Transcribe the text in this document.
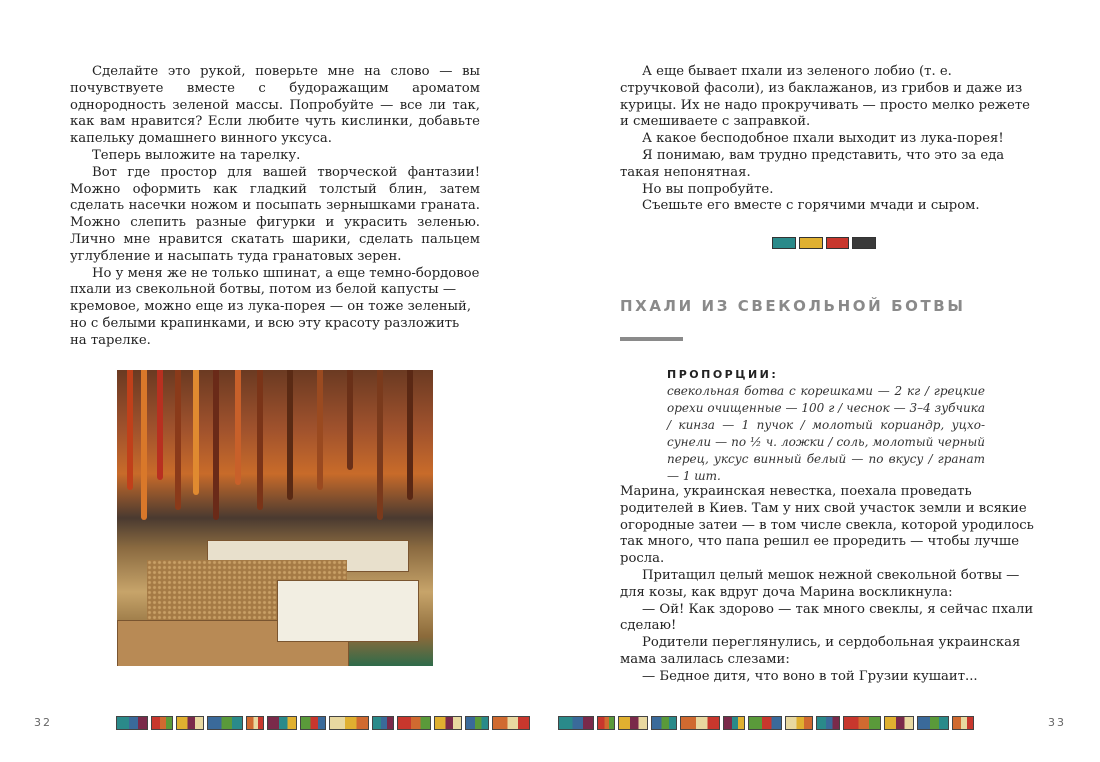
Сделайте это рукой, поверьте мне на слово — вы почувствуете вместе с будоражащим ароматом однородность зеленой массы. Попробуйте — все ли так, как вам нравится? Если любите чуть кислинки, добавьте капельку домашнего винного уксуса.

Теперь выложите на тарелку.

Вот где простор для вашей творческой фантазии! Можно оформить как гладкий толстый блин, затем сделать насечки ножом и посыпать зернышками граната. Можно слепить разные фигурки и украсить зеленью. Лично мне нравится скатать шарики, сделать пальцем углубление и насыпать туда гранатовых зерен.

Но у меня же не только шпинат, а еще темно-бордовое пхали из свекольной ботвы, потом из белой капусты — кремовое, можно еще из лука-порея — он тоже зеленый, но с белыми крапинками, и всю эту красоту разложить на тарелке.

А еще бывает пхали из зеленого лобио (т. е. стручковой фасоли), из баклажанов, из грибов и даже из курицы. Их не надо прокручивать — просто мелко режете и смешиваете с заправкой.

А какое бесподобное пхали выходит из лука-порея!

Я понимаю, вам трудно представить, что это за еда такая непонятная.

Но вы попробуйте.

Съешьте его вместе с горячими мчади и сыром.

ПХАЛИ ИЗ СВЕКОЛЬНОЙ БОТВЫ
ПРОПОРЦИИ:
свекольная ботва с корешками — 2 кг / грецкие орехи очищенные — 100 г / чеснок — 3–4 зубчика / кинза — 1 пучок / молотый кориандр, уцхо-сунели — по ½ ч. ложки / соль, молотый черный перец, уксус винный белый — по вкусу / гранат — 1 шт.

Марина, украинская невестка, поехала проведать родителей в Киев. Там у них свой участок земли и всякие огородные затеи — в том числе свекла, которой уродилось так много, что папа решил ее проредить — чтобы лучше росла.

Притащил целый мешок нежной свекольной ботвы — для козы, как вдруг доча Марина воскликнула:

— Ой! Как здорово — так много свеклы, я сейчас пхали сделаю!

Родители переглянулись, и сердобольная украинская мама залилась слезами:

— Бедное дитя, что воно в той Грузии кушаит...

32	33
